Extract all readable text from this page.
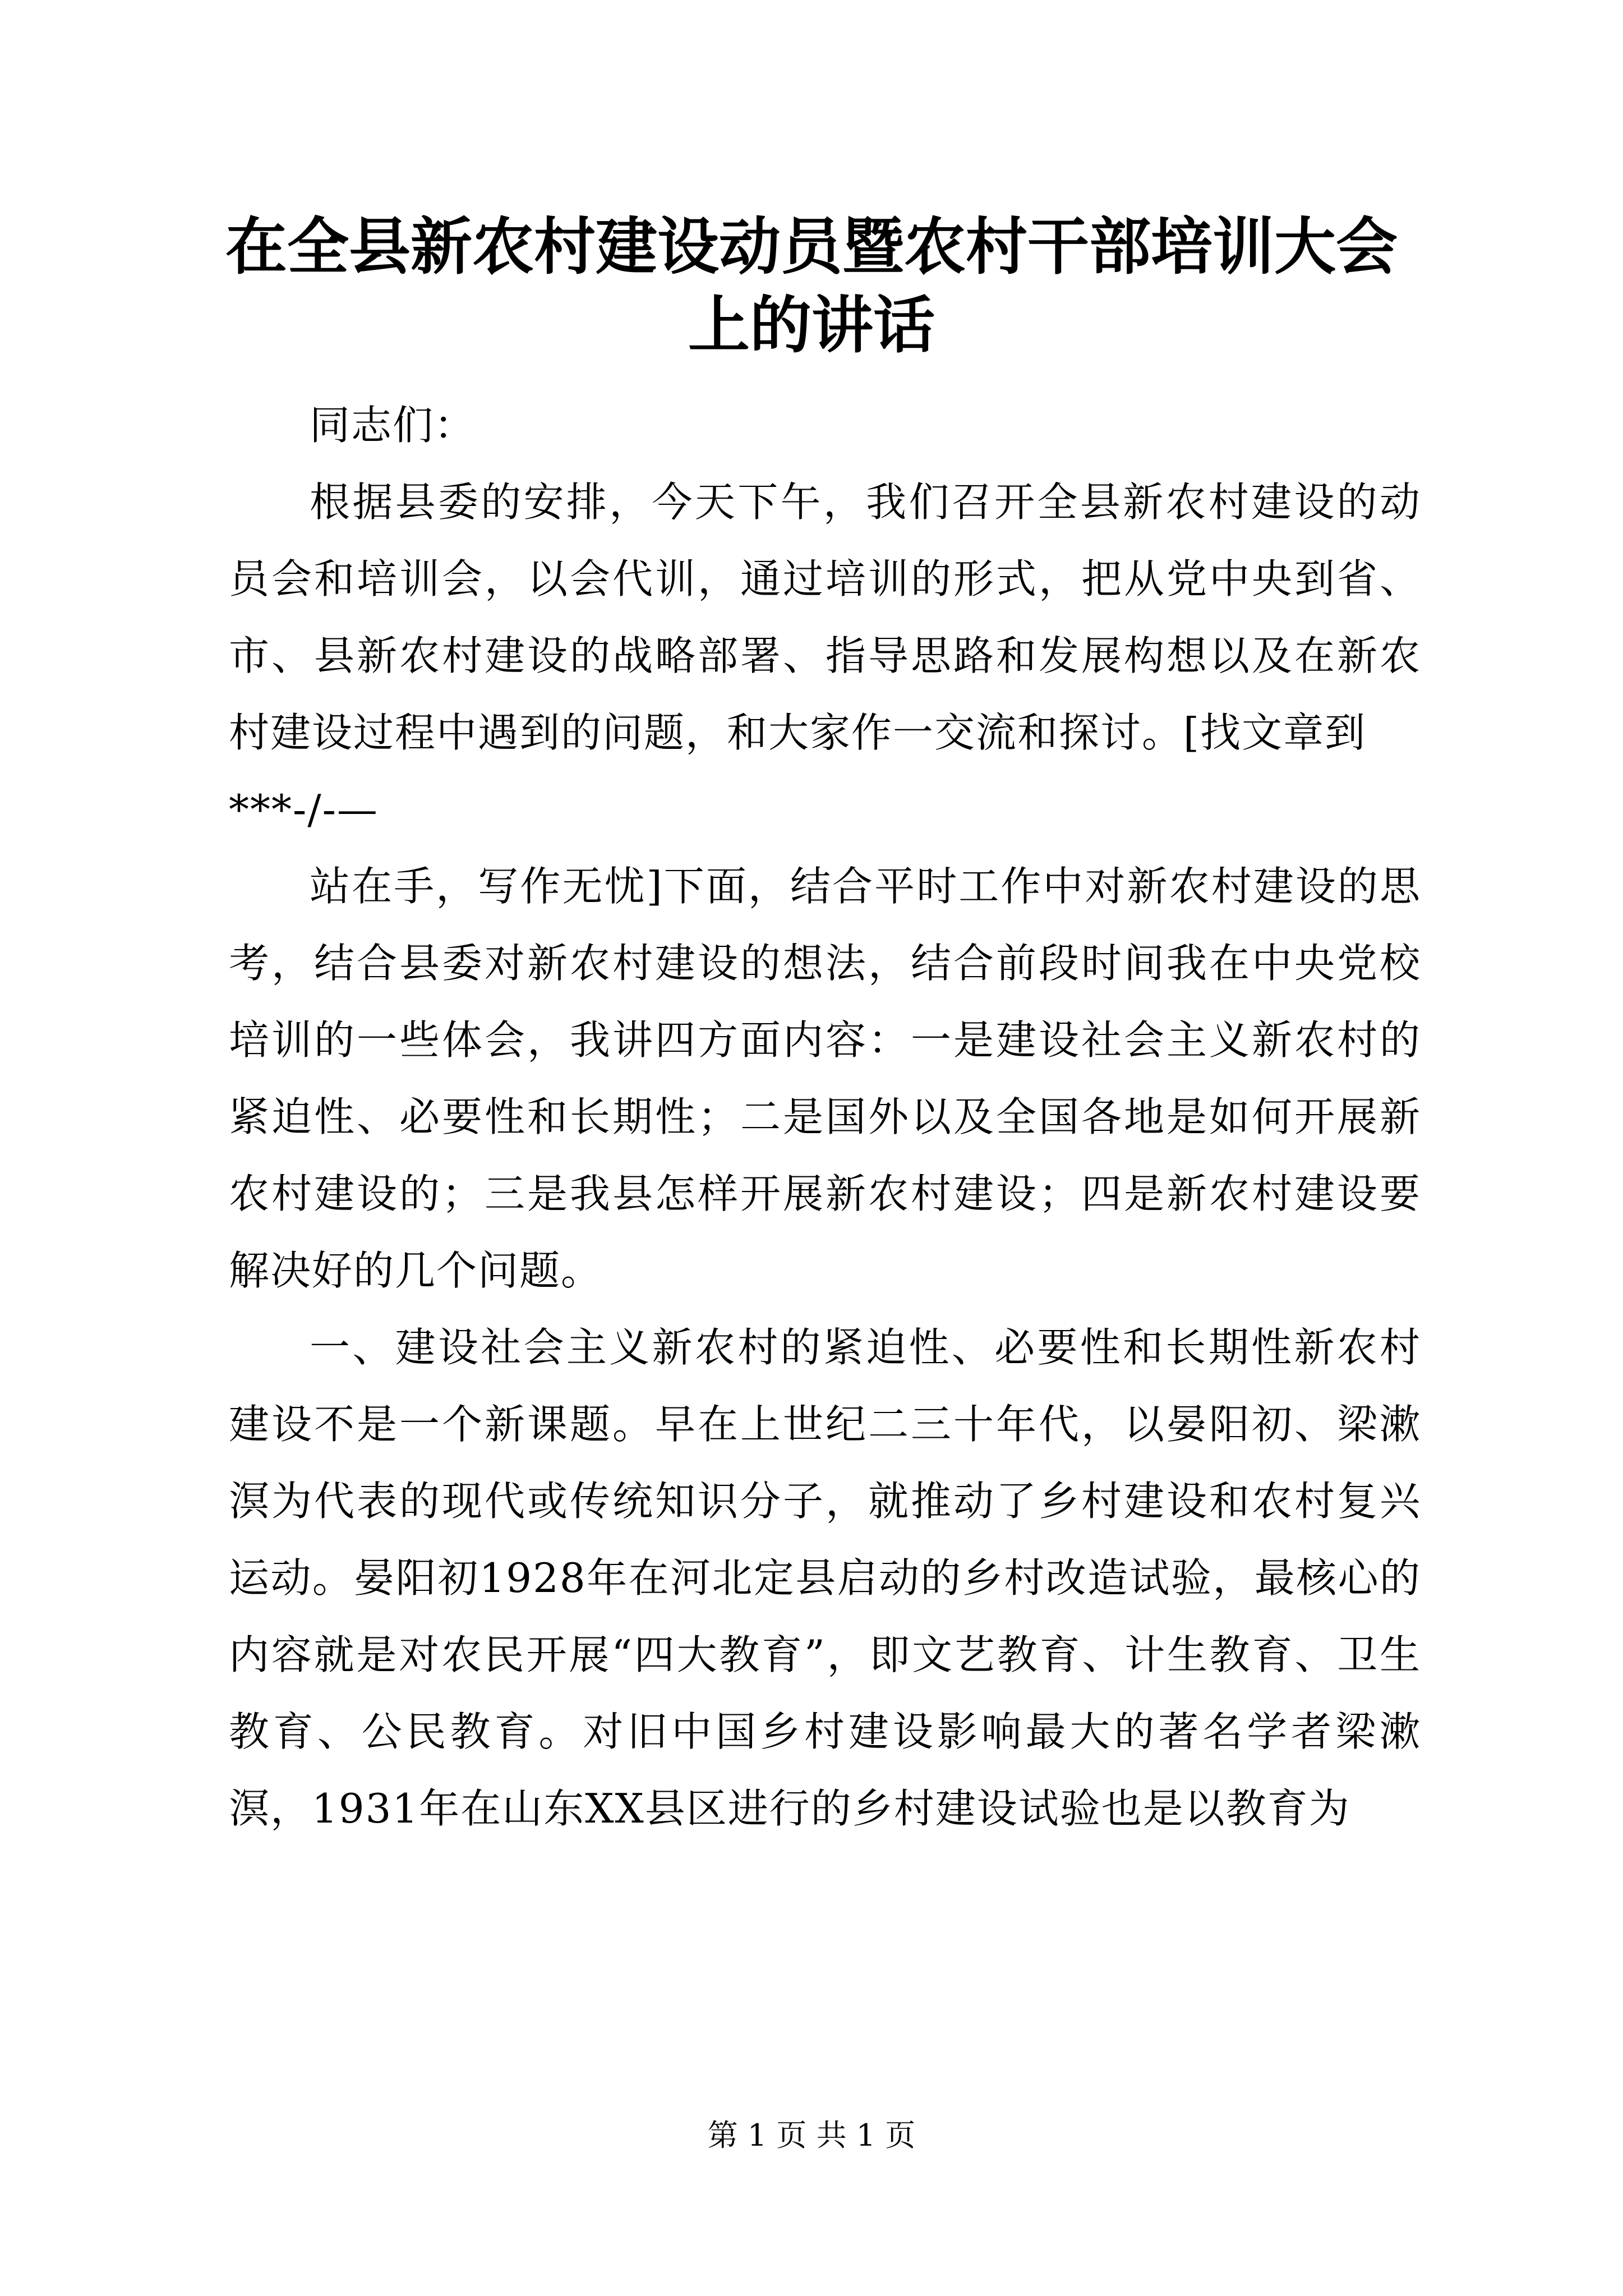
在全县新农村建设动员暨农村干部培训大会上的讲话

同志们：

根据县委的安排，今天下午，我们召开全县新农村建设的动员会和培训会，以会代训，通过培训的形式，把从党中央到省、市、县新农村建设的战略部署、指导思路和发展构想以及在新农村建设过程中遇到的问题，和大家作一交流和探讨。[找文章到

***-/-—

站在手，写作无忧]下面，结合平时工作中对新农村建设的思考，结合县委对新农村建设的想法，结合前段时间我在中央党校培训的一些体会，我讲四方面内容：一是建设社会主义新农村的紧迫性、必要性和长期性；二是国外以及全国各地是如何开展新农村建设的；三是我县怎样开展新农村建设；四是新农村建设要解决好的几个问题。

一、建设社会主义新农村的紧迫性、必要性和长期性新农村建设不是一个新课题。早在上世纪二三十年代，以晏阳初、梁漱溟为代表的现代或传统知识分子，就推动了乡村建设和农村复兴运动。晏阳初1928年在河北定县启动的乡村改造试验，最核心的内容就是对农民开展“四大教育”，即文艺教育、计生教育、卫生教育、公民教育。对旧中国乡村建设影响最大的著名学者梁漱溟，1931年在山东XX县区进行的乡村建设试验也是以教育为

第 1 页 共 1 页
